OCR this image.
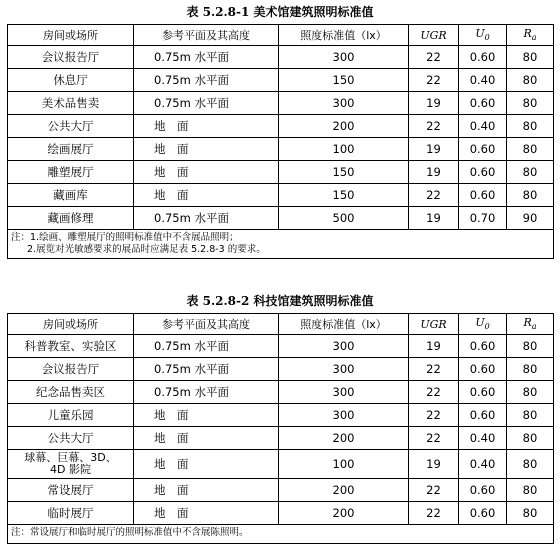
表 5.2.8-1 美术馆建筑照明标准值
房间或场所	参考平面及其高度	照度标准值（lx）	UGR	$U_0$	$R_a$
会议报告厅	0.75m 水平面	300	22	0.60	80
休息厅	0.75m 水平面	150	22	0.40	80
美术品售卖	0.75m 水平面	300	19	0.60	80
公共大厅	地　面	200	22	0.40	80
绘画展厅	地　面	100	19	0.60	80
雕塑展厅	地　面	150	19	0.60	80
藏画库	地　面	150	22	0.60	80
藏画修理	0.75m 水平面	500	19	0.70	90

注：1.绘画、雕塑展厅的照明标准值中不含展品照明；
2.展览对光敏感要求的展品时应满足表 5.2.8-3 的要求。					
表 5.2.8-2 科技馆建筑照明标准值
房间或场所	参考平面及其高度	照度标准值（lx）	UGR	$U_0$	$R_a$
科普教室、实验区	0.75m 水平面	300	19	0.60	80
会议报告厅	0.75m 水平面	300	22	0.60	80
纪念品售卖区	0.75m 水平面	300	22	0.60	80
儿童乐园	地　面	300	22	0.60	80
公共大厅	地　面	200	22	0.40	80

球幕、巨幕、3D、
4D 影院	地　面	100	19	0.40	80
常设展厅	地　面	200	22	0.60	80
临时展厅	地　面	200	22	0.60	80
注：常设展厅和临时展厅的照明标准值中不含展陈照明。					
